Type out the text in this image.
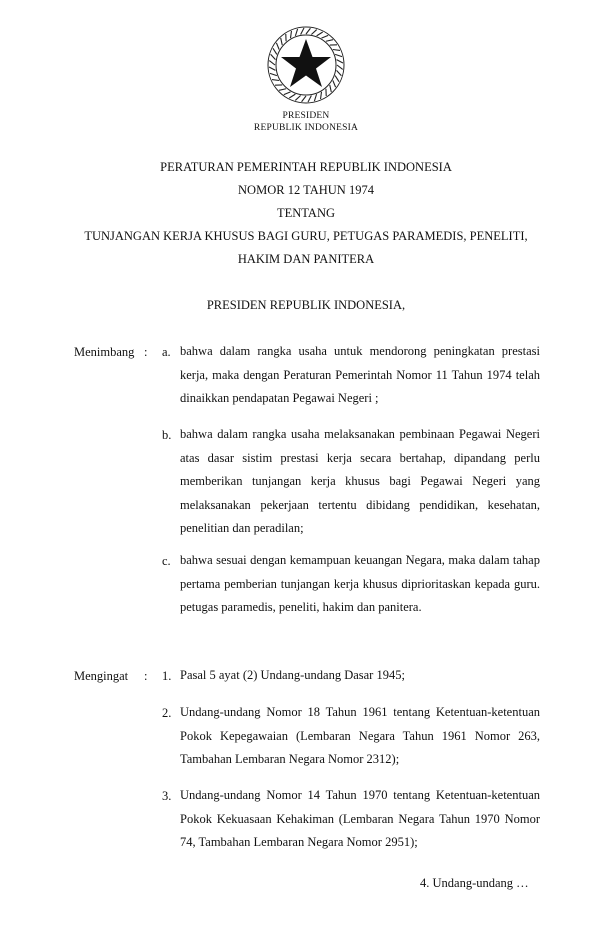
PRESIDEN
REPUBLIK INDONESIA
PERATURAN PEMERINTAH REPUBLIK INDONESIA
NOMOR 12 TAHUN 1974
TENTANG
TUNJANGAN KERJA KHUSUS BAGI GURU, PETUGAS PARAMEDIS, PENELITI,
HAKIM DAN PANITERA
PRESIDEN REPUBLIK INDONESIA,
Menimbang : a. bahwa dalam rangka usaha untuk mendorong peningkatan prestasi kerja, maka dengan Peraturan Pemerintah Nomor 11 Tahun 1974 telah dinaikkan pendapatan Pegawai Negeri ;

b. bahwa dalam rangka usaha melaksanakan pembinaan Pegawai Negeri atas dasar sistim prestasi kerja secara bertahap, dipandang perlu memberikan tunjangan kerja khusus bagi Pegawai Negeri yang melaksanakan pekerjaan tertentu dibidang pendidikan, kesehatan, penelitian dan peradilan;

c. bahwa sesuai dengan kemampuan keuangan Negara, maka dalam tahap pertama pemberian tunjangan kerja khusus diprioritaskan kepada guru. petugas paramedis, peneliti, hakim dan panitera.

Mengingat : 1. Pasal 5 ayat (2) Undang-undang Dasar 1945;

2. Undang-undang Nomor 18 Tahun 1961 tentang Ketentuan-ketentuan Pokok Kepegawaian (Lembaran Negara Tahun 1961 Nomor 263, Tambahan Lembaran Negara Nomor 2312);

3. Undang-undang Nomor 14 Tahun 1970 tentang Ketentuan-ketentuan Pokok Kekuasaan Kehakiman (Lembaran Negara Tahun 1970 Nomor 74, Tambahan Lembaran Negara Nomor 2951);

4. Undang-undang …
